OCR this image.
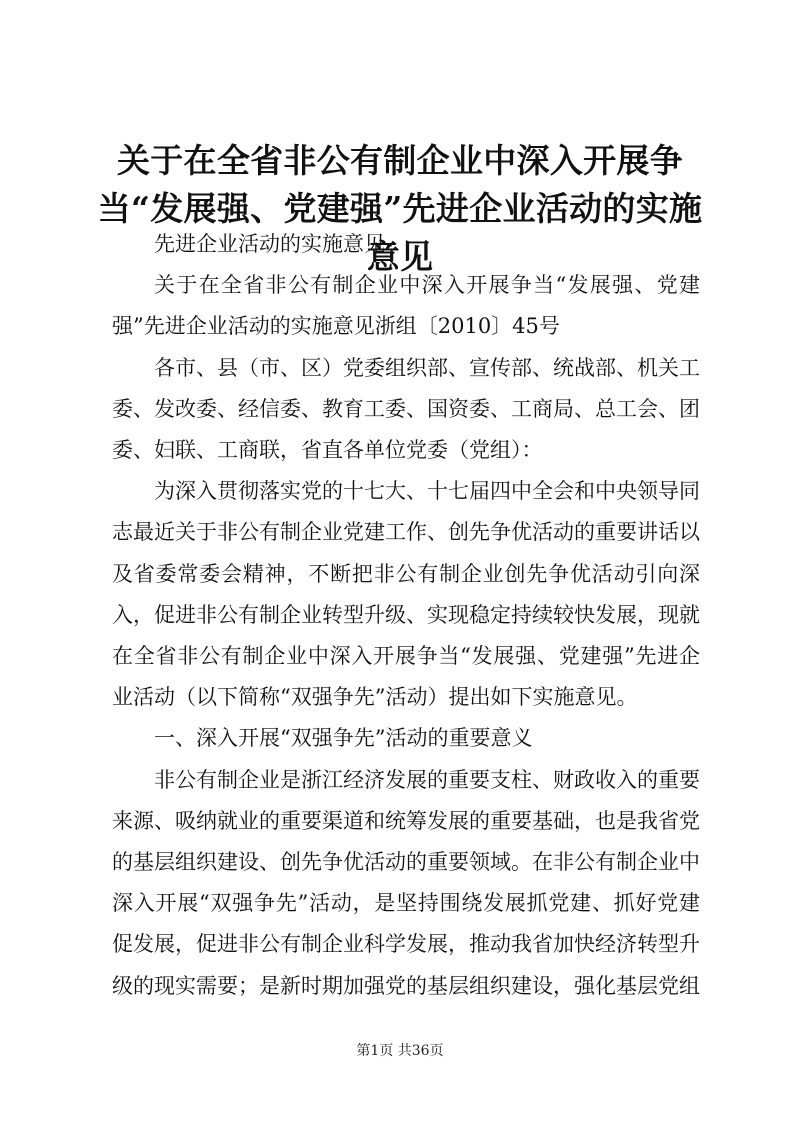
关于在全省非公有制企业中深入开展争当“发展强、党建强”先进企业活动的实施意见

先进企业活动的实施意见

关于在全省非公有制企业中深入开展争当“发展强、党建强”先进企业活动的实施意见浙组〔2010〕45号

各市、县（市、区）党委组织部、宣传部、统战部、机关工委、发改委、经信委、教育工委、国资委、工商局、总工会、团委、妇联、工商联，省直各单位党委（党组）：

为深入贯彻落实党的十七大、十七届四中全会和中央领导同志最近关于非公有制企业党建工作、创先争优活动的重要讲话以及省委常委会精神，不断把非公有制企业创先争优活动引向深入，促进非公有制企业转型升级、实现稳定持续较快发展，现就在全省非公有制企业中深入开展争当“发展强、党建强”先进企业活动（以下简称“双强争先”活动）提出如下实施意见。

一、深入开展“双强争先”活动的重要意义

非公有制企业是浙江经济发展的重要支柱、财政收入的重要来源、吸纳就业的重要渠道和统筹发展的重要基础，也是我省党的基层组织建设、创先争优活动的重要领域。在非公有制企业中深入开展“双强争先”活动，是坚持围绕发展抓党建、抓好党建促发展，促进非公有制企业科学发展，推动我省加快经济转型升级的现实需要；是新时期加强党的基层组织建设，强化基层党组

第1页 共36页
